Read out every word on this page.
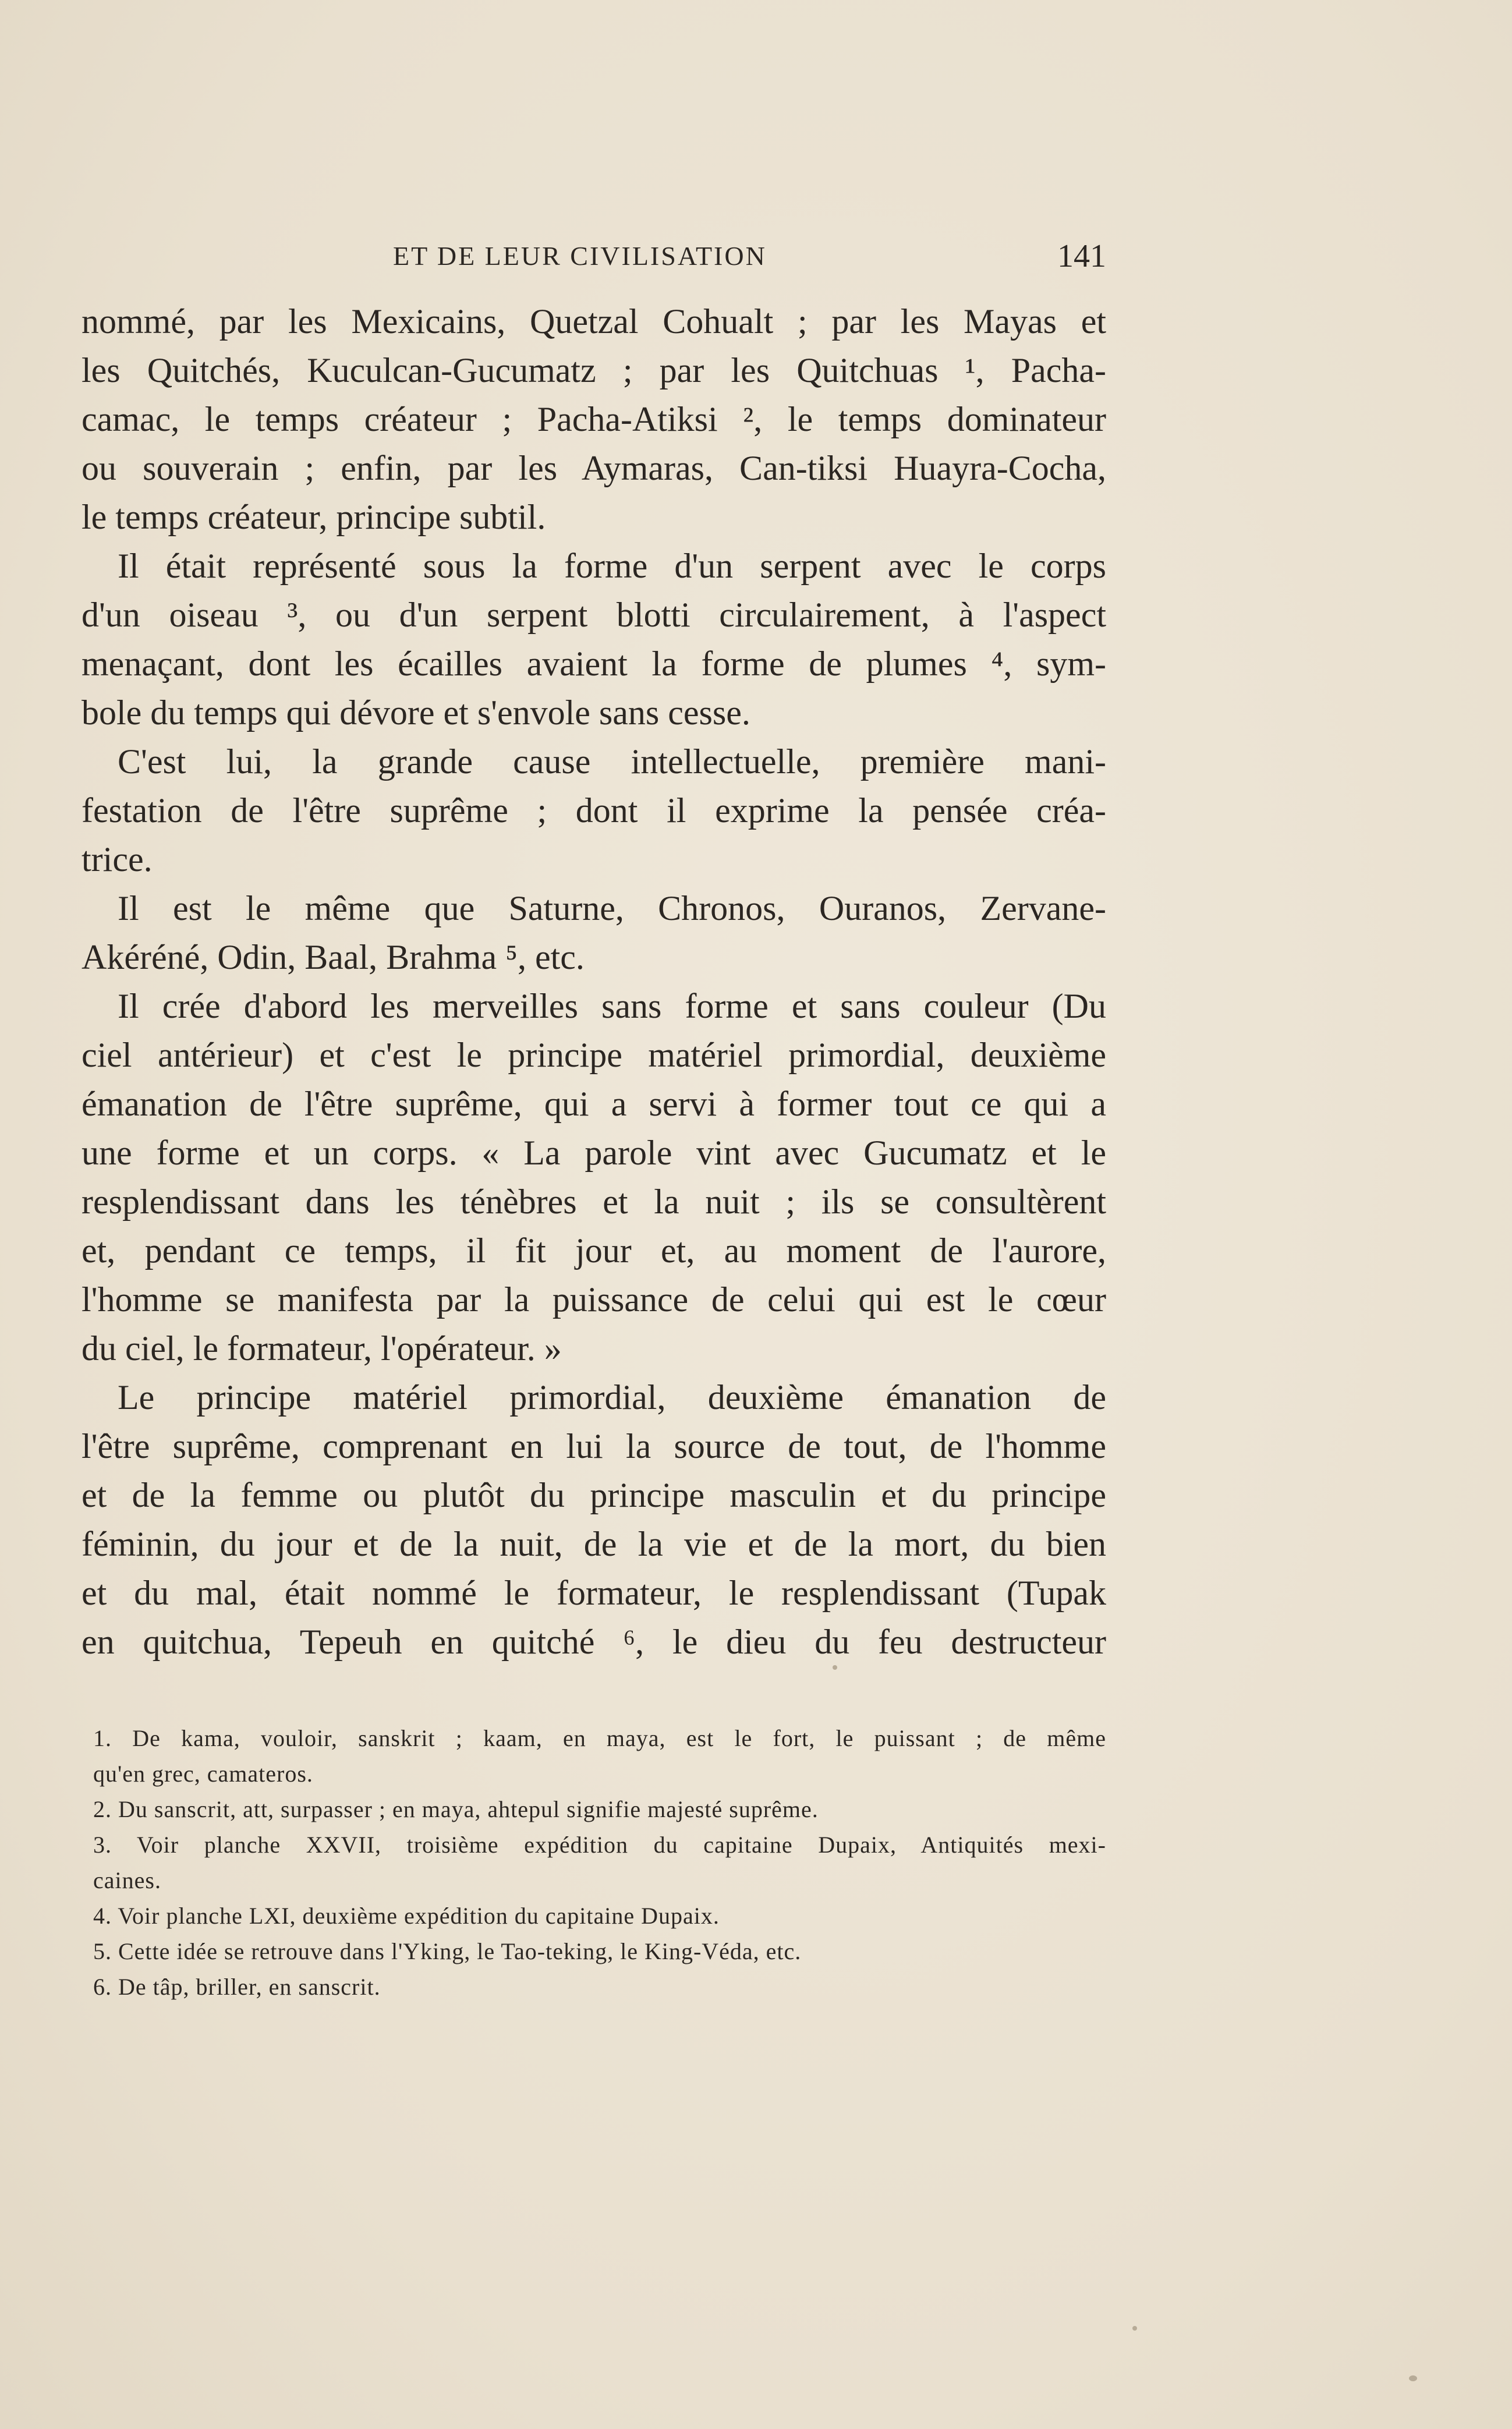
ET DE LEUR CIVILISATION	141
nommé, par les Mexicains, Quetzal Cohualt ; par les Mayas et
les Quitchés, Kuculcan-Gucumatz ; par les Quitchuas ¹, Pacha-
camac, le temps créateur ; Pacha-Atiksi ², le temps dominateur
ou souverain ; enfin, par les Aymaras, Can-tiksi Huayra-Cocha,
le temps créateur, principe subtil.
Il était représenté sous la forme d'un serpent avec le corps
d'un oiseau ³, ou d'un serpent blotti circulairement, à l'aspect
menaçant, dont les écailles avaient la forme de plumes ⁴, sym-
bole du temps qui dévore et s'envole sans cesse.
C'est lui, la grande cause intellectuelle, première mani-
festation de l'être suprême ; dont il exprime la pensée créa-
trice.
Il est le même que Saturne, Chronos, Ouranos, Zervane-
Akéréné, Odin, Baal, Brahma ⁵, etc.
Il crée d'abord les merveilles sans forme et sans couleur (Du
ciel antérieur) et c'est le principe matériel primordial, deuxième
émanation de l'être suprême, qui a servi à former tout ce qui a
une forme et un corps. « La parole vint avec Gucumatz et le
resplendissant dans les ténèbres et la nuit ; ils se consultèrent
et, pendant ce temps, il fit jour et, au moment de l'aurore,
l'homme se manifesta par la puissance de celui qui est le cœur
du ciel, le formateur, l'opérateur. »
Le principe matériel primordial, deuxième émanation de
l'être suprême, comprenant en lui la source de tout, de l'homme
et de la femme ou plutôt du principe masculin et du principe
féminin, du jour et de la nuit, de la vie et de la mort, du bien
et du mal, était nommé le formateur, le resplendissant (Tupak
en quitchua, Tepeuh en quitché ⁶, le dieu du feu destructeur
1. De kama, vouloir, sanskrit ; kaam, en maya, est le fort, le puissant ; de même
qu'en grec, camateros.
2. Du sanscrit, att, surpasser ; en maya, ahtepul signifie majesté suprême.
3. Voir planche XXVII, troisième expédition du capitaine Dupaix, Antiquités mexi-
caines.
4. Voir planche LXI, deuxième expédition du capitaine Dupaix.
5. Cette idée se retrouve dans l'Yking, le Tao-teking, le King-Véda, etc.
6. De tâp, briller, en sanscrit.
